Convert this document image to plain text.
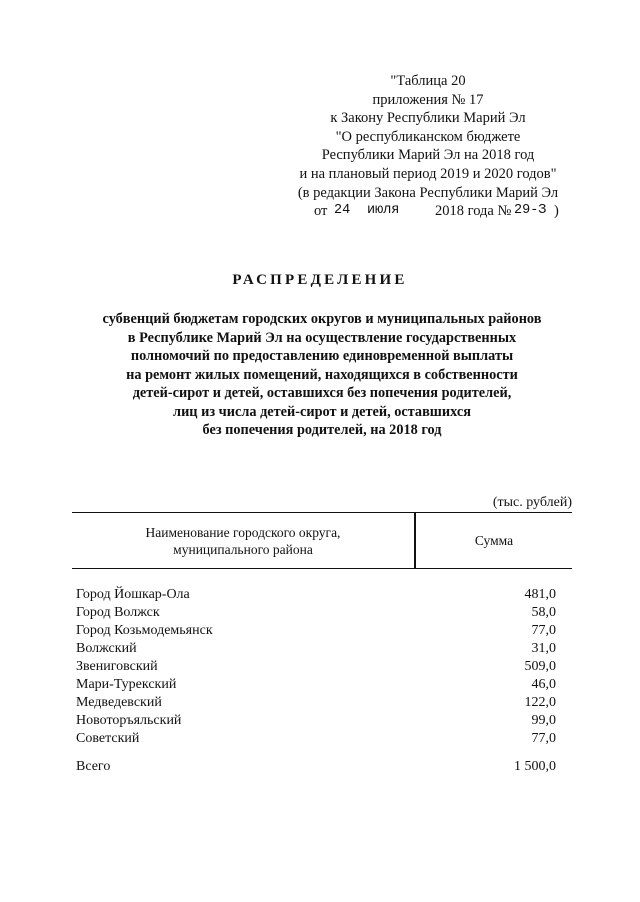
"Таблица 20
приложения № 17
к Закону Республики Марий Эл
"О республиканском бюджете
Республики Марий Эл на 2018 год
и на плановый период 2019 и 2020 годов"
(в редакции Закона Республики Марий Эл
от 24 июля 2018 года № 29-З )
РАСПРЕДЕЛЕНИЕ
субвенций бюджетам городских округов и муниципальных районов
в Республике Марий Эл на осуществление государственных
полномочий по предоставлению единовременной выплаты
на ремонт жилых помещений, находящихся в собственности
детей-сирот и детей, оставшихся без попечения родителей,
лиц из числа детей-сирот и детей, оставшихся
без попечения родителей, на 2018 год
(тыс. рублей)
Наименование городского округа,
муниципального района
Сумма
Город Йошкар-Ола	481,0
Город Волжск	58,0
Город Козьмодемьянск	77,0
Волжский	31,0
Звениговский	509,0
Мари-Турекский	46,0
Медведевский	122,0
Новоторъяльский	99,0
Советский	77,0
Всего	1 500,0
